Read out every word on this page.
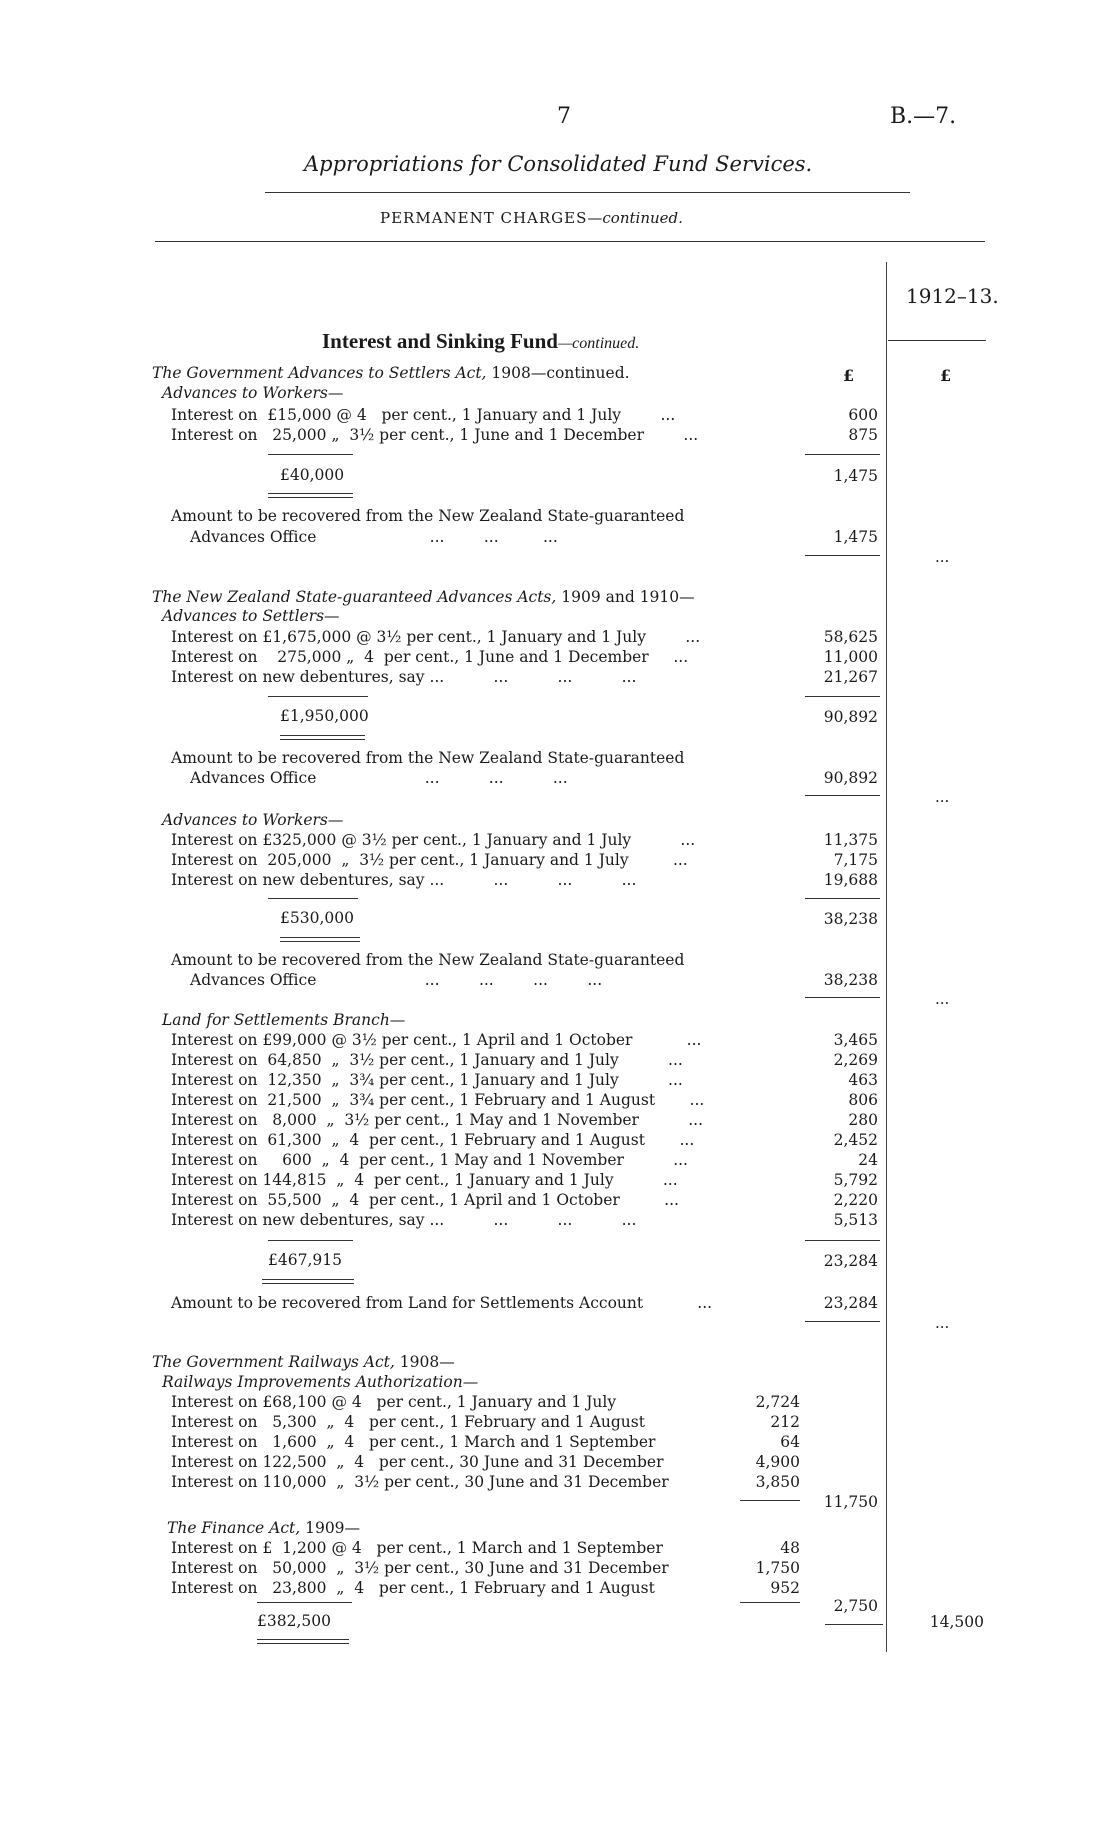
7	B.—7.
Appropriations for Consolidated Fund Services.
PERMANENT CHARGES—continued.
1912–13.
Interest and Sinking Fund—continued.
£	£
The Government Advances to Settlers Act, 1908—continued.
Advances to Workers—
Interest on  £15,000 @ 4   per cent., 1 January and 1 July        ...	600
Interest on   25,000 „  3½ per cent., 1 June and 1 December        ...	875
£40,000	1,475
Amount to be recovered from the New Zealand State-guaranteed
Advances Office                       ...        ...         ...	1,475
...
The New Zealand State-guaranteed Advances Acts, 1909 and 1910—
Advances to Settlers—
Interest on £1,675,000 @ 3½ per cent., 1 January and 1 July        ...	58,625
Interest on    275,000 „  4  per cent., 1 June and 1 December     ...	11,000
Interest on new debentures, say ...          ...          ...          ...	21,267
£1,950,000	90,892
Amount to be recovered from the New Zealand State-guaranteed
Advances Office                      ...          ...          ...	90,892
...
Advances to Workers—
Interest on £325,000 @ 3½ per cent., 1 January and 1 July          ...	11,375
Interest on  205,000  „  3½ per cent., 1 January and 1 July         ...	7,175
Interest on new debentures, say ...          ...          ...          ...	19,688
£530,000	38,238
Amount to be recovered from the New Zealand State-guaranteed
Advances Office                      ...        ...        ...        ...	38,238
...
Land for Settlements Branch—
Interest on £99,000 @ 3½ per cent., 1 April and 1 October           ...	3,465
Interest on  64,850  „  3½ per cent., 1 January and 1 July          ...	2,269
Interest on  12,350  „  3¾ per cent., 1 January and 1 July          ...	463
Interest on  21,500  „  3¾ per cent., 1 February and 1 August       ...	806
Interest on   8,000  „  3½ per cent., 1 May and 1 November          ...	280
Interest on  61,300  „  4  per cent., 1 February and 1 August       ...	2,452
Interest on     600  „  4  per cent., 1 May and 1 November          ...	24
Interest on 144,815  „  4  per cent., 1 January and 1 July          ...	5,792
Interest on  55,500  „  4  per cent., 1 April and 1 October         ...	2,220
Interest on new debentures, say ...          ...          ...          ...	5,513
£467,915	23,284
Amount to be recovered from Land for Settlements Account           ...	23,284
...
The Government Railways Act, 1908—
Railways Improvements Authorization—
Interest on £68,100 @ 4   per cent., 1 January and 1 July	2,724
Interest on   5,300  „  4   per cent., 1 February and 1 August	212
Interest on   1,600  „  4   per cent., 1 March and 1 September	64
Interest on 122,500  „  4   per cent., 30 June and 31 December	4,900
Interest on 110,000  „  3½ per cent., 30 June and 31 December	3,850
11,750
The Finance Act, 1909—
Interest on £  1,200 @ 4   per cent., 1 March and 1 September	48
Interest on   50,000  „  3½ per cent., 30 June and 31 December	1,750
Interest on   23,800  „  4   per cent., 1 February and 1 August	952
2,750
£382,500	14,500
